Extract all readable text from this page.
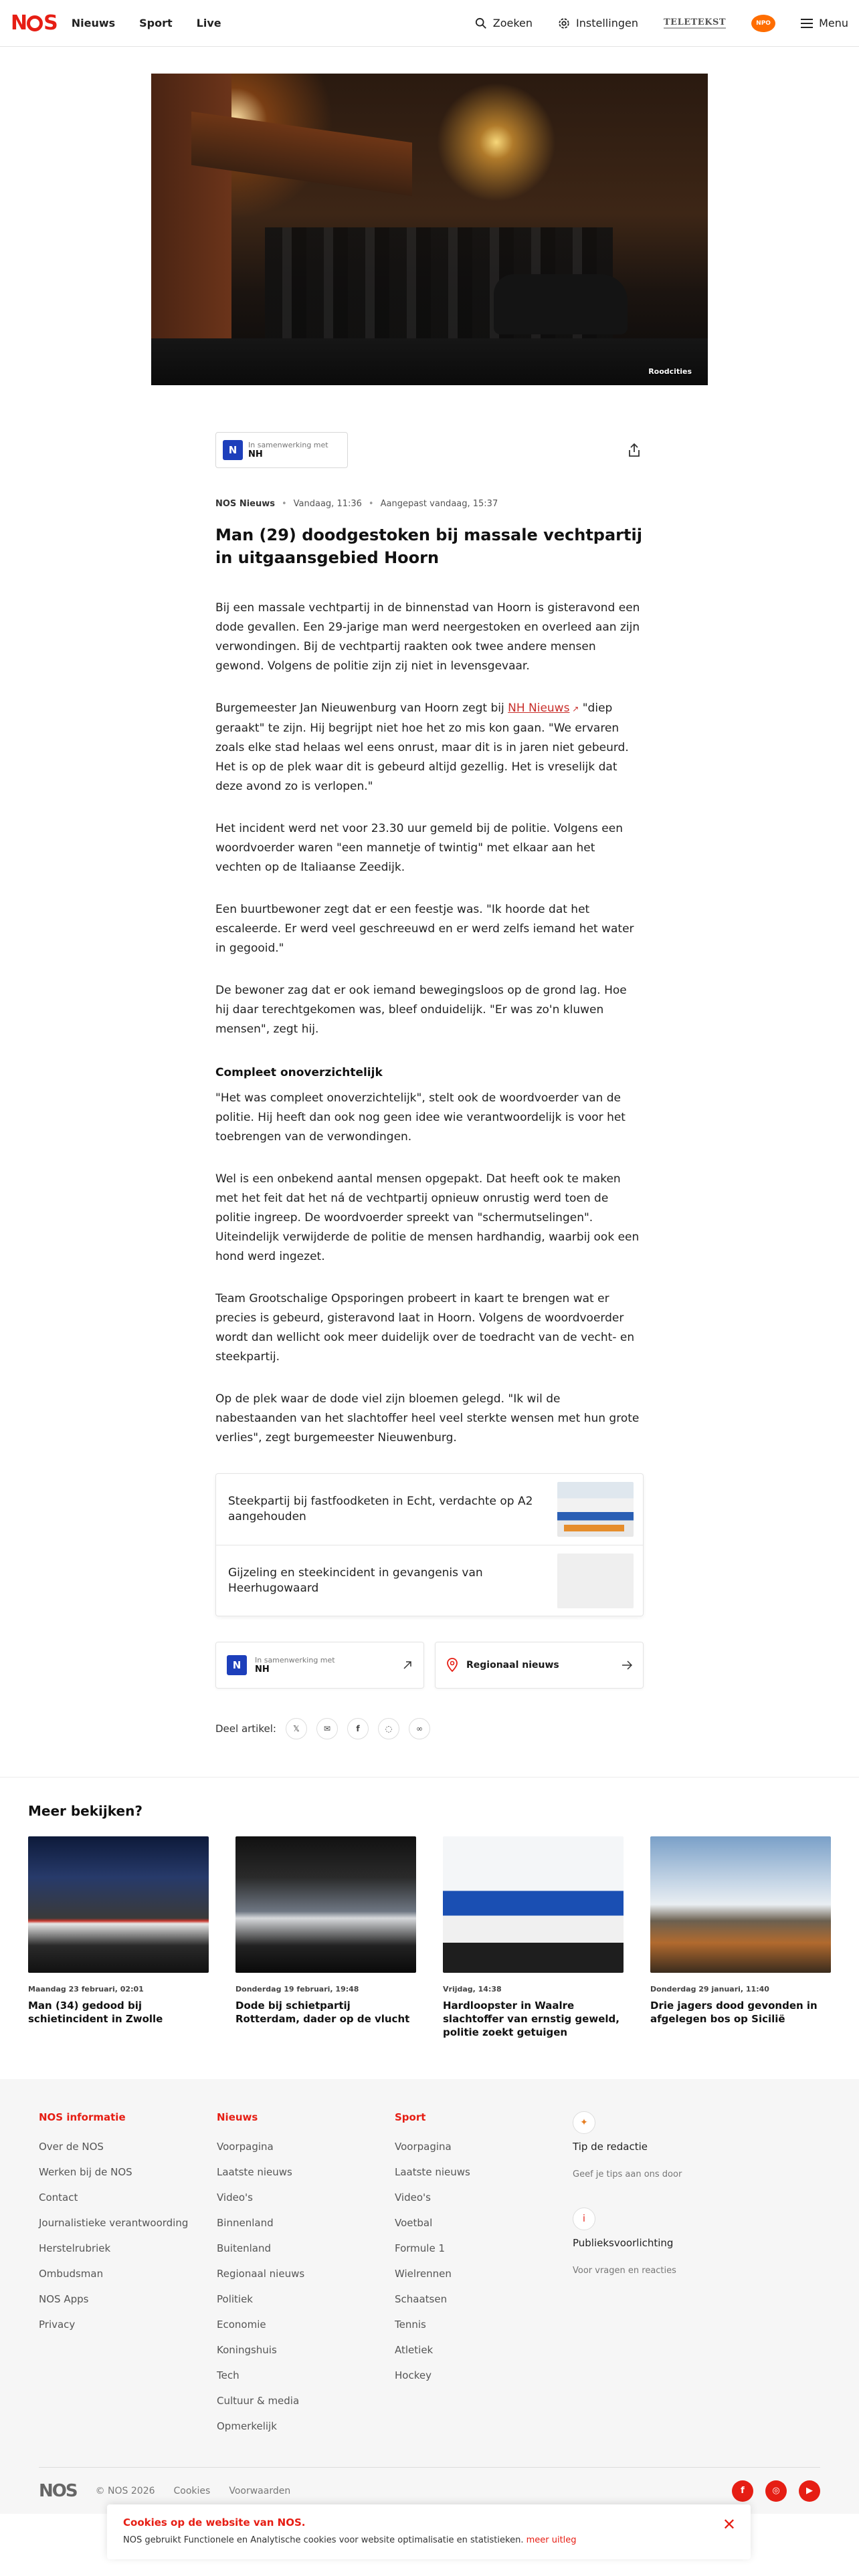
N S Nieuws Sport Live	Zoeken	Instellingen	TELETEKST	NPO	Menu
Roodcities
N	In samenwerking met
NH
NOS Nieuws • Vandaag, 11:36 • Aangepast vandaag, 15:37
Man (29) doodgestoken bij massale vechtpartij in uitgaansgebied Hoorn

Bij een massale vechtpartij in de binnenstad van Hoorn is gisteravond een dode gevallen. Een 29-jarige man werd neergestoken en overleed aan zijn verwondingen. Bij de vechtpartij raakten ook twee andere mensen gewond. Volgens de politie zijn zij niet in levensgevaar.

Burgemeester Jan Nieuwenburg van Hoorn zegt bij NH Nieuws ↗ "diep geraakt" te zijn. Hij begrijpt niet hoe het zo mis kon gaan. "We ervaren zoals elke stad helaas wel eens onrust, maar dit is in jaren niet gebeurd. Het is op de plek waar dit is gebeurd altijd gezellig. Het is vreselijk dat deze avond zo is verlopen."

Het incident werd net voor 23.30 uur gemeld bij de politie. Volgens een woordvoerder waren "een mannetje of twintig" met elkaar aan het vechten op de Italiaanse Zeedijk.

Een buurtbewoner zegt dat er een feestje was. "Ik hoorde dat het escaleerde. Er werd veel geschreeuwd en er werd zelfs iemand het water in gegooid."

De bewoner zag dat er ook iemand bewegingsloos op de grond lag. Hoe hij daar terechtgekomen was, bleef onduidelijk. "Er was zo'n kluwen mensen", zegt hij.

Compleet onoverzichtelijk

"Het was compleet onoverzichtelijk", stelt ook de woordvoerder van de politie. Hij heeft dan ook nog geen idee wie verantwoordelijk is voor het toebrengen van de verwondingen.

Wel is een onbekend aantal mensen opgepakt. Dat heeft ook te maken met het feit dat het ná de vechtpartij opnieuw onrustig werd toen de politie ingreep. De woordvoerder spreekt van "schermutselingen". Uiteindelijk verwijderde de politie de mensen hardhandig, waarbij ook een hond werd ingezet.

Team Grootschalige Opsporingen probeert in kaart te brengen wat er precies is gebeurd, gisteravond laat in Hoorn. Volgens de woordvoerder wordt dan wellicht ook meer duidelijk over de toedracht van de vecht- en steekpartij.

Op de plek waar de dode viel zijn bloemen gelegd. "Ik wil de nabestaanden van het slachtoffer heel veel sterkte wensen met hun grote verlies", zegt burgemeester Nieuwenburg.

Steekpartij bij fastfoodketen in Echt, verdachte op A2 aangehouden
Gijzeling en steekincident in gevangenis van Heerhugowaard
N	In samenwerking met
NH	Regionaal nieuws
Deel artikel: 𝕏	✉	f	◌	∞
Meer bekijken?
Maandag 23 februari, 02:01
Man (34) gedood bij schietincident in Zwolle
Donderdag 19 februari, 19:48
Dode bij schietpartij Rotterdam, dader op de vlucht
Vrijdag, 14:38
Hardloopster in Waalre slachtoffer van ernstig geweld, politie zoekt getuigen
Donderdag 29 januari, 11:40
Drie jagers dood gevonden in afgelegen bos op Sicilië
NOS informatie
Over de NOS
Werken bij de NOS
Contact
Journalistieke verantwoording
Herstelrubriek
Ombudsman
NOS Apps
Privacy
Nieuws
Voorpagina
Laatste nieuws
Video's
Binnenland
Buitenland
Regionaal nieuws
Politiek
Economie
Koningshuis
Tech
Cultuur & media
Opmerkelijk
Sport
Voorpagina
Laatste nieuws
Video's
Voetbal
Formule 1
Wielrennen
Schaatsen
Tennis
Atletiek
Hockey
✦
Tip de redactie
Geef je tips aan ons door
i
Publieksvoorlichting
Voor vragen en reacties
NOS © NOS 2026 Cookies Voorwaarden	f	◎	▶
Cookies op de website van NOS.
NOS gebruikt Functionele en Analytische cookies voor website optimalisatie en statistieken. meer uitleg
✕
